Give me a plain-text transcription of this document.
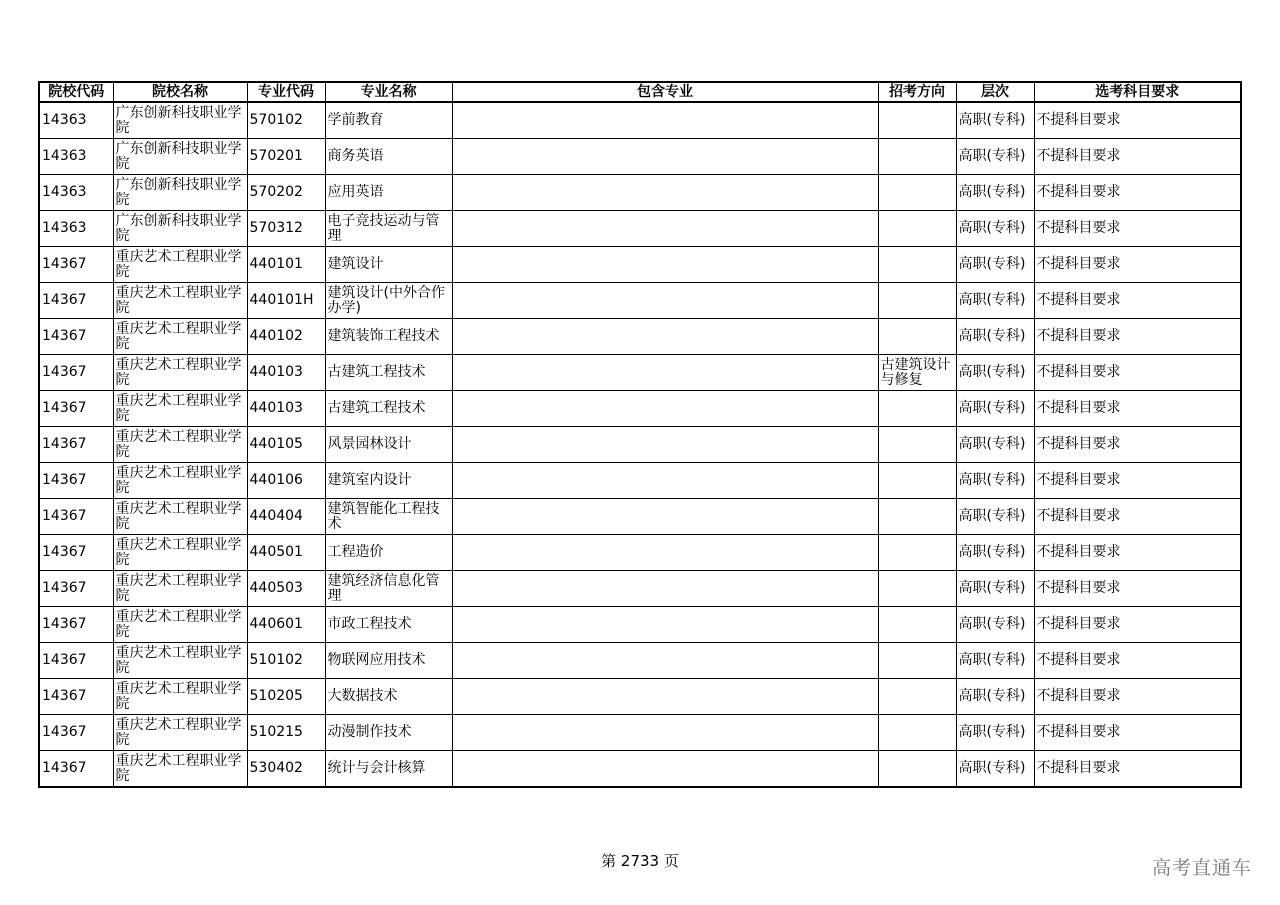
院校代码	院校名称	专业代码	专业名称	包含专业	招考方向	层次	选考科目要求
14363	广东创新科技职业学院	570102	学前教育			高职(专科)	不提科目要求
14363	广东创新科技职业学院	570201	商务英语			高职(专科)	不提科目要求
14363	广东创新科技职业学院	570202	应用英语			高职(专科)	不提科目要求
14363	广东创新科技职业学院	570312	电子竞技运动与管理			高职(专科)	不提科目要求
14367	重庆艺术工程职业学院	440101	建筑设计			高职(专科)	不提科目要求
14367	重庆艺术工程职业学院	440101H	建筑设计(中外合作办学)			高职(专科)	不提科目要求
14367	重庆艺术工程职业学院	440102	建筑装饰工程技术			高职(专科)	不提科目要求
14367	重庆艺术工程职业学院	440103	古建筑工程技术		古建筑设计与修复	高职(专科)	不提科目要求
14367	重庆艺术工程职业学院	440103	古建筑工程技术			高职(专科)	不提科目要求
14367	重庆艺术工程职业学院	440105	风景园林设计			高职(专科)	不提科目要求
14367	重庆艺术工程职业学院	440106	建筑室内设计			高职(专科)	不提科目要求
14367	重庆艺术工程职业学院	440404	建筑智能化工程技术			高职(专科)	不提科目要求
14367	重庆艺术工程职业学院	440501	工程造价			高职(专科)	不提科目要求
14367	重庆艺术工程职业学院	440503	建筑经济信息化管理			高职(专科)	不提科目要求
14367	重庆艺术工程职业学院	440601	市政工程技术			高职(专科)	不提科目要求
14367	重庆艺术工程职业学院	510102	物联网应用技术			高职(专科)	不提科目要求
14367	重庆艺术工程职业学院	510205	大数据技术			高职(专科)	不提科目要求
14367	重庆艺术工程职业学院	510215	动漫制作技术			高职(专科)	不提科目要求
14367	重庆艺术工程职业学院	530402	统计与会计核算			高职(专科)	不提科目要求
第 2733 页	高考直通车
